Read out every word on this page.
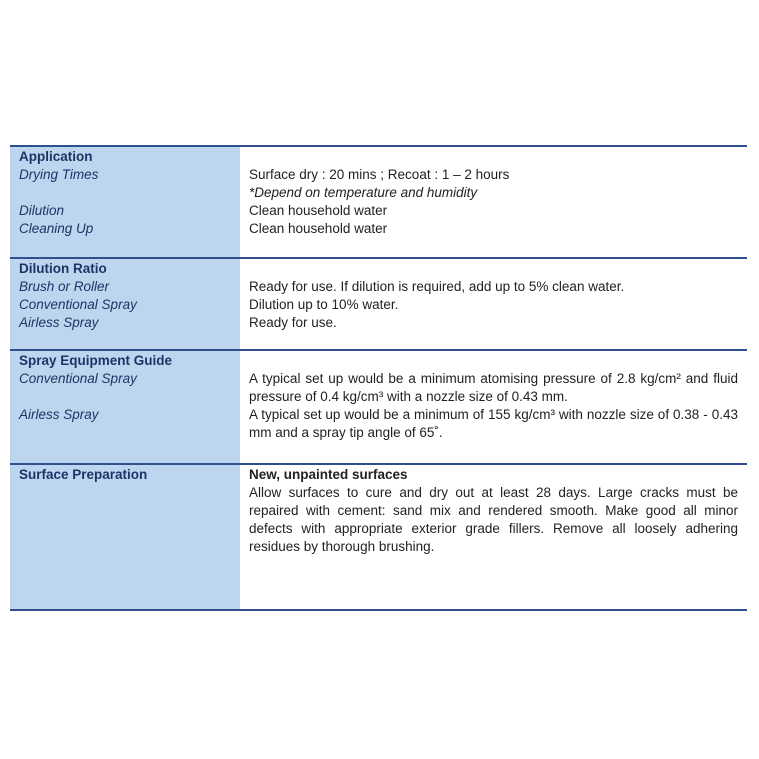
Application
Drying Times
Dilution
Cleaning Up
Surface dry : 20 mins ; Recoat : 1 – 2 hours
*Depend on temperature and humidity
Clean household water
Clean household water
Dilution Ratio
Brush or Roller
Conventional Spray
Airless Spray
Ready for use. If dilution is required, add up to 5% clean water.
Dilution up to 10% water.
Ready for use.
Spray Equipment Guide
Conventional Spray
Airless Spray
A typical set up would be a minimum atomising pressure of 2.8 kg/cm² and fluid pressure of 0.4 kg/cm³ with a nozzle size of 0.43 mm.
A typical set up would be a minimum of 155 kg/cm³ with nozzle size of 0.38 - 0.43 mm and a spray tip angle of 65˚.
Surface Preparation	New, unpainted surfaces
Allow surfaces to cure and dry out at least 28 days. Large cracks must be repaired with cement: sand mix and rendered smooth. Make good all minor defects with appropriate exterior grade fillers. Remove all loosely adhering residues by thorough brushing.
